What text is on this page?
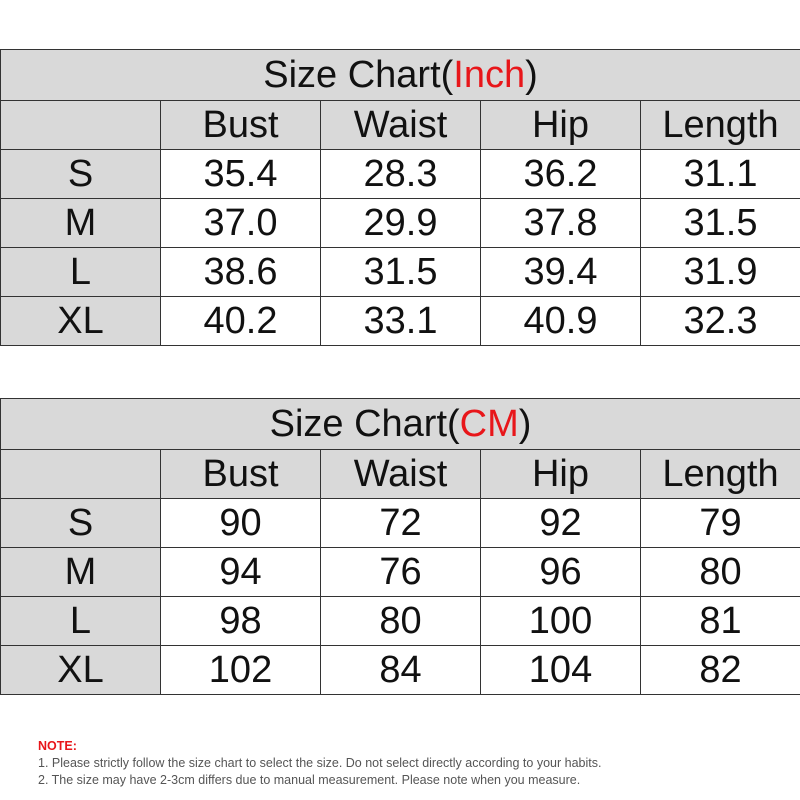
Size Chart(Inch)				
	Bust	Waist	Hip	Length
S	35.4	28.3	36.2	31.1
M	37.0	29.9	37.8	31.5
L	38.6	31.5	39.4	31.9
XL	40.2	33.1	40.9	32.3
Size Chart(CM)				
	Bust	Waist	Hip	Length
S	90	72	92	79
M	94	76	96	80
L	98	80	100	81
XL	102	84	104	82
NOTE:
1. Please strictly follow the size chart to select the size. Do not select directly according to your habits.
2. The size may have 2-3cm differs due to manual measurement. Please note when you measure.
